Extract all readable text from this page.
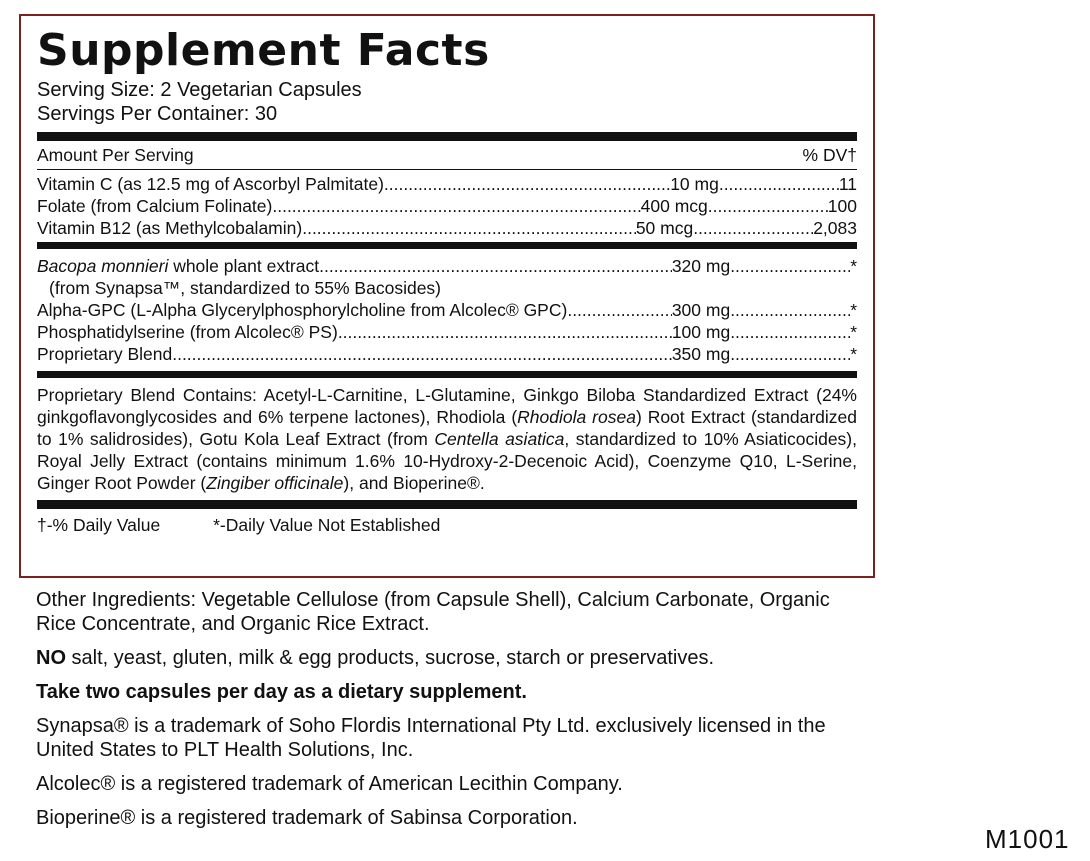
Supplement Facts
Serving Size: 2 Vegetarian Capsules
Servings Per Container: 30
Amount Per Serving	% DV†
Vitamin C (as 12.5 mg of Ascorbyl Palmitate) .....	10 mg .....	11
Folate (from Calcium Folinate) .....	400 mcg .....	100
Vitamin B12 (as Methylcobalamin) .....	50 mcg .....	2,083
Bacopa monnieri whole plant extract .....	320 mg .....	*
(from Synapsa™, standardized to 55% Bacosides)
Alpha-GPC (L-Alpha Glycerylphosphorylcholine from Alcolec® GPC) .....	300 mg .....	*
Phosphatidylserine (from Alcolec® PS) .....	100 mg .....	*
Proprietary Blend .....	350 mg .....	*
Proprietary Blend Contains: Acetyl-L-Carnitine, L-Glutamine, Ginkgo Biloba Standardized Extract (24% ginkgoflavonglycosides and 6% terpene lactones), Rhodiola (Rhodiola rosea) Root Extract (standardized to 1% salidrosides), Gotu Kola Leaf Extract (from Centella asiatica, standardized to 10% Asiaticocides), Royal Jelly Extract (contains minimum 1.6% 10-Hydroxy-2-Decenoic Acid), Coenzyme Q10, L-Serine, Ginger Root Powder (Zingiber officinale), and Bioperine®.
†-% Daily Value	*-Daily Value Not Established

Other Ingredients: Vegetable Cellulose (from Capsule Shell), Calcium Carbonate, Organic Rice Concentrate, and Organic Rice Extract.

NO salt, yeast, gluten, milk & egg products, sucrose, starch or preservatives.

Take two capsules per day as a dietary supplement.

Synapsa® is a trademark of Soho Flordis International Pty Ltd. exclusively licensed in the United States to PLT Health Solutions, Inc.

Alcolec® is a registered trademark of American Lecithin Company.

Bioperine® is a registered trademark of Sabinsa Corporation.

M1001
